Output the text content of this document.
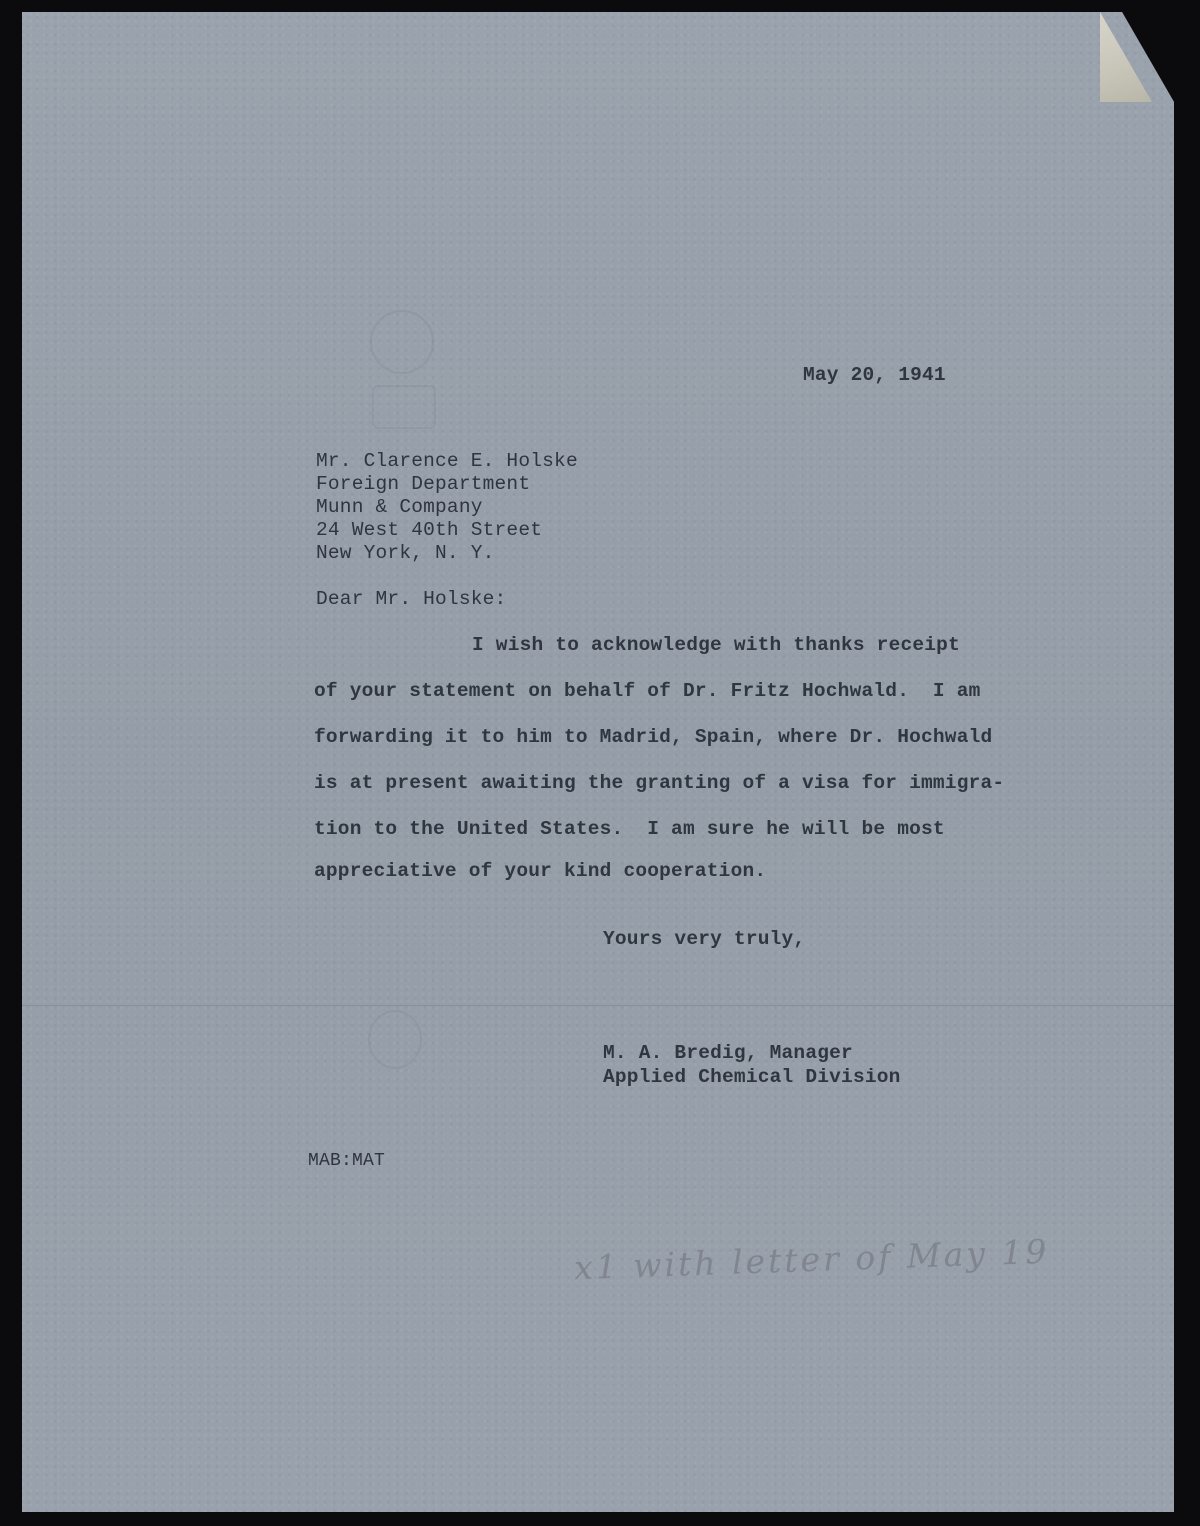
May 20, 1941
Mr. Clarence E. Holske
Foreign Department
Munn & Company
24 West 40th Street
New York, N. Y.
Dear Mr. Holske:
I wish to acknowledge with thanks receipt
of your statement on behalf of Dr. Fritz Hochwald.  I am
forwarding it to him to Madrid, Spain, where Dr. Hochwald
is at present awaiting the granting of a visa for immigra-
tion to the United States.  I am sure he will be most
appreciative of your kind cooperation.
Yours very truly,
M. A. Bredig, Manager
Applied Chemical Division
MAB:MAT
x1 with letter of May 19
